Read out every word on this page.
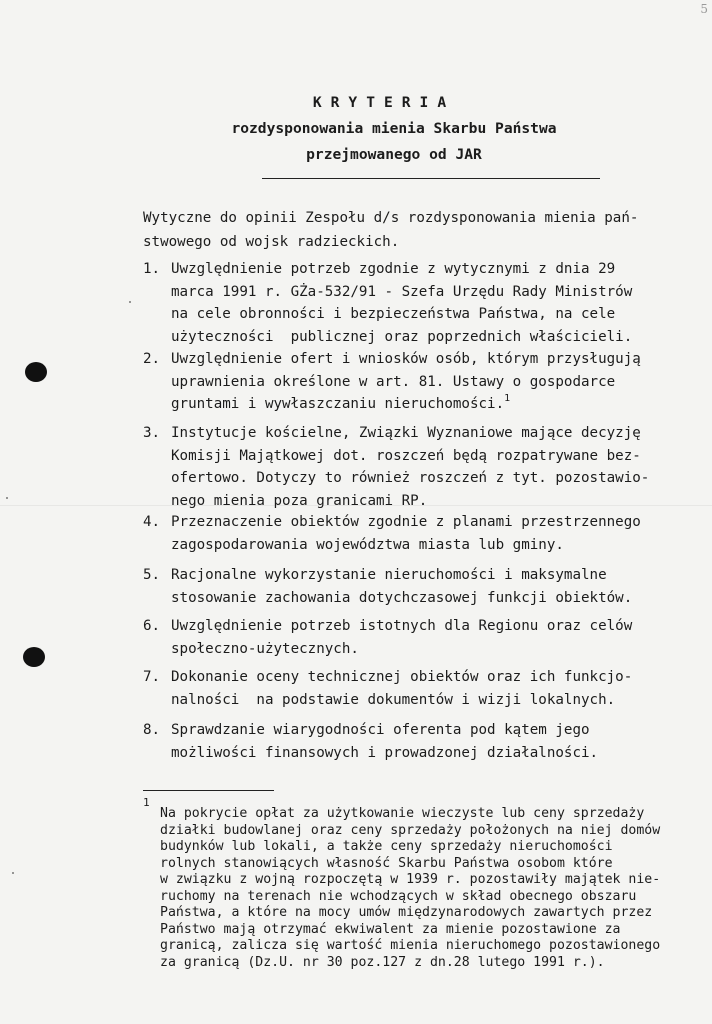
5
KRYTERIA
rozdysponowania mienia Skarbu Państwa
przejmowanego od JAR
Wytyczne do opinii Zespołu d/s rozdysponowania mienia pań-
stwowego od wojsk radzieckich.
1. Uwzględnienie potrzeb zgodnie z wytycznymi z dnia 29
marca 1991 r. GŻa-532/91 - Szefa Urzędu Rady Ministrów
na cele obronności i bezpieczeństwa Państwa, na cele
użyteczności  publicznej oraz poprzednich właścicieli.
2. Uwzględnienie ofert i wniosków osób, którym przysługują
uprawnienia określone w art. 81. Ustawy o gospodarce
gruntami i wywłaszczaniu nieruchomości.$^1$
3. Instytucje kościelne, Związki Wyznaniowe mające decyzję
Komisji Majątkowej dot. roszczeń będą rozpatrywane bez-
ofertowo. Dotyczy to również roszczeń z tyt. pozostawio-
nego mienia poza granicami RP.
4. Przeznaczenie obiektów zgodnie z planami przestrzennego
zagospodarowania województwa miasta lub gminy.
5. Racjonalne wykorzystanie nieruchomości i maksymalne
stosowanie zachowania dotychczasowej funkcji obiektów.
6. Uwzględnienie potrzeb istotnych dla Regionu oraz celów
społeczno-użytecznych.
7. Dokonanie oceny technicznej obiektów oraz ich funkcjo-
nalności  na podstawie dokumentów i wizji lokalnych.
8. Sprawdzanie wiarygodności oferenta pod kątem jego
możliwości finansowych i prowadzonej działalności.
1
Na pokrycie opłat za użytkowanie wieczyste lub ceny sprzedaży
działki budowlanej oraz ceny sprzedaży położonych na niej domów
budynków lub lokali, a także ceny sprzedaży nieruchomości
rolnych stanowiących własność Skarbu Państwa osobom które
w związku z wojną rozpoczętą w 1939 r. pozostawiły majątek nie-
ruchomy na terenach nie wchodzących w skład obecnego obszaru
Państwa, a które na mocy umów międzynarodowych zawartych przez
Państwo mają otrzymać ekwiwalent za mienie pozostawione za
granicą, zalicza się wartość mienia nieruchomego pozostawionego
za granicą (Dz.U. nr 30 poz.127 z dn.28 lutego 1991 r.).
